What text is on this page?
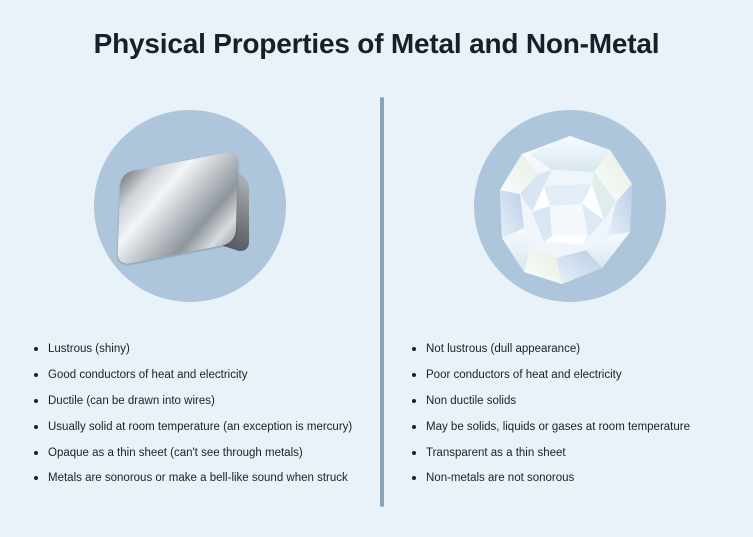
Physical Properties of Metal and Non-Metal
Lustrous (shiny)
Good conductors of heat and electricity
Ductile (can be drawn into wires)
Usually solid at room temperature (an exception is mercury)
Opaque as a thin sheet (can't see through metals)
Metals are sonorous or make a bell-like sound when struck
Not lustrous (dull appearance)
Poor conductors of heat and electricity
Non ductile solids
May be solids, liquids or gases at room temperature
Transparent as a thin sheet
Non-metals are not sonorous
